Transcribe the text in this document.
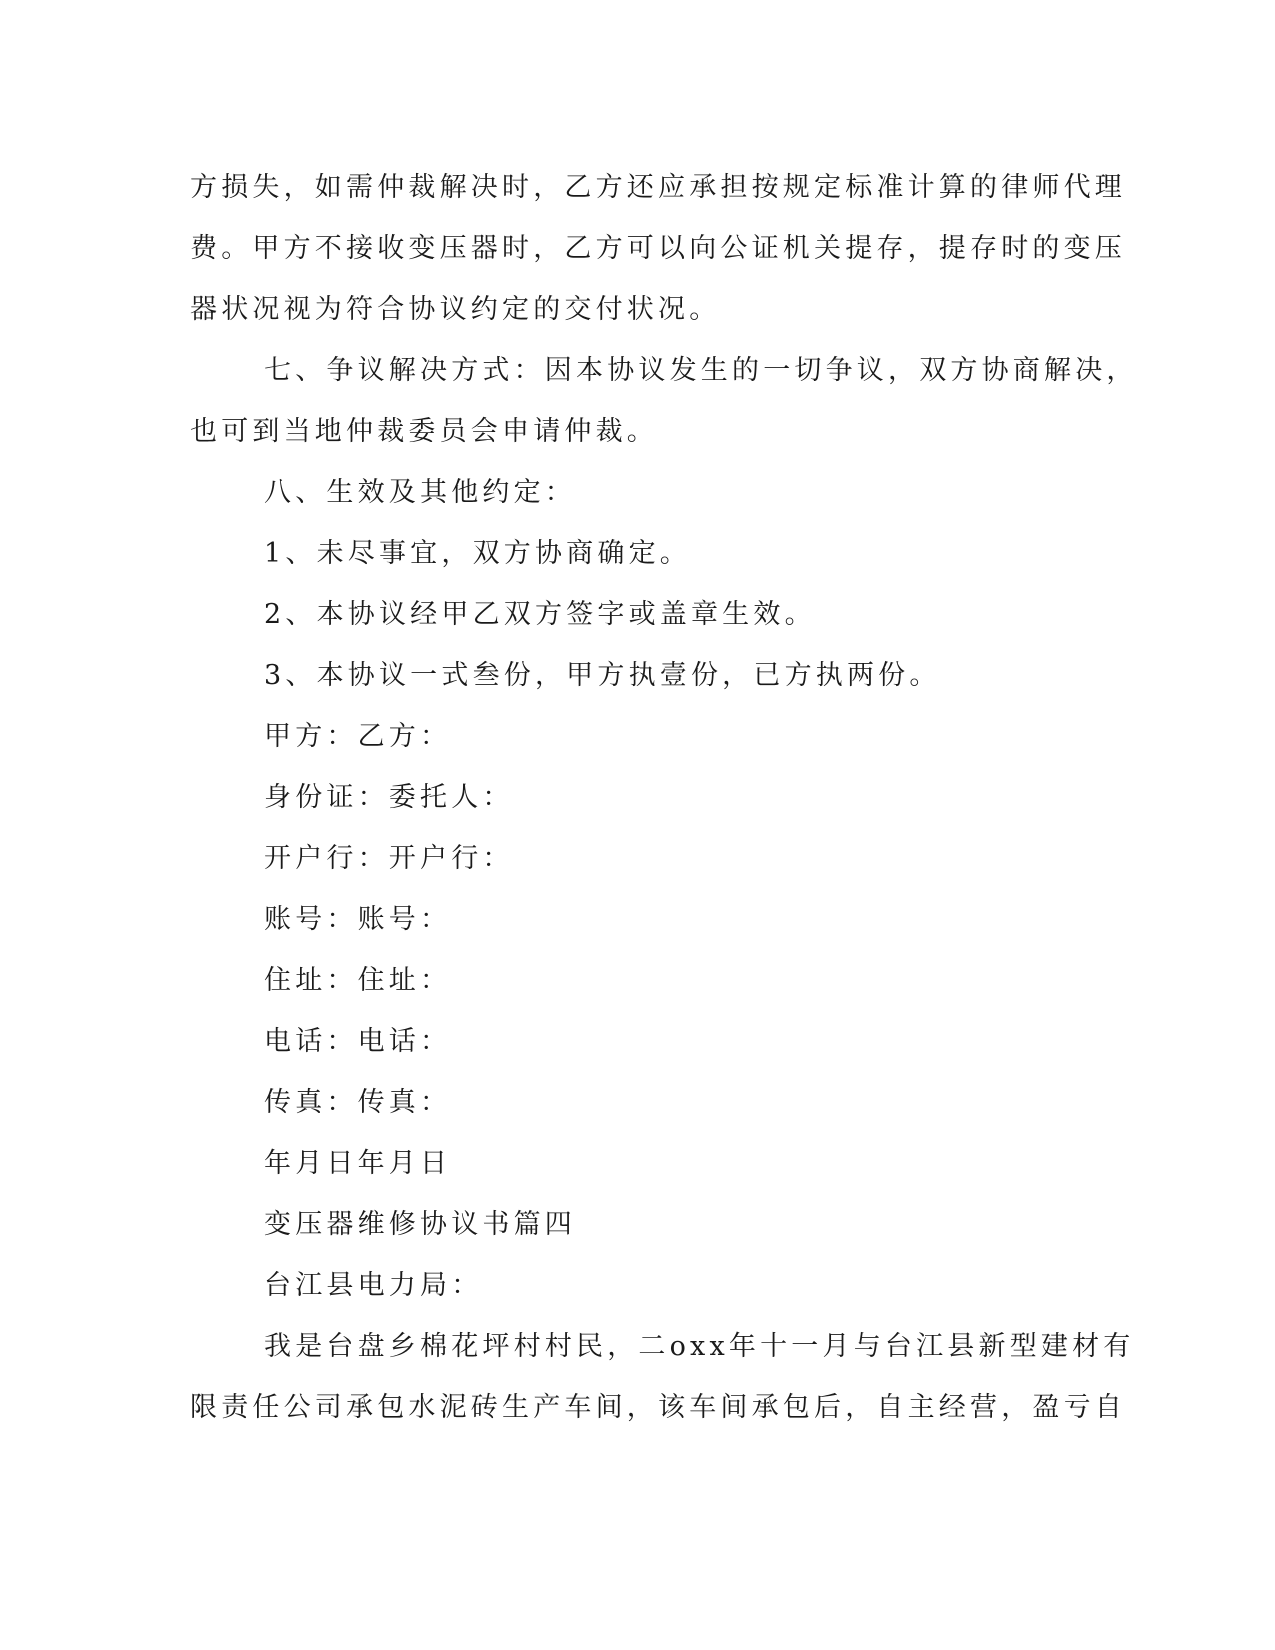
方损失，如需仲裁解决时，乙方还应承担按规定标准计算的律师代理
费。甲方不接收变压器时，乙方可以向公证机关提存，提存时的变压
器状况视为符合协议约定的交付状况。
七、争议解决方式：因本协议发生的一切争议，双方协商解决，
也可到当地仲裁委员会申请仲裁。
八、生效及其他约定：
1、未尽事宜，双方协商确定。
2、本协议经甲乙双方签字或盖章生效。
3、本协议一式叁份，甲方执壹份，已方执两份。
甲方：乙方：
身份证：委托人：
开户行：开户行：
账号：账号：
住址：住址：
电话：电话：
传真：传真：
年月日年月日
变压器维修协议书篇四
台江县电力局：
我是台盘乡棉花坪村村民，二oxx年十一月与台江县新型建材有
限责任公司承包水泥砖生产车间，该车间承包后，自主经营，盈亏自
